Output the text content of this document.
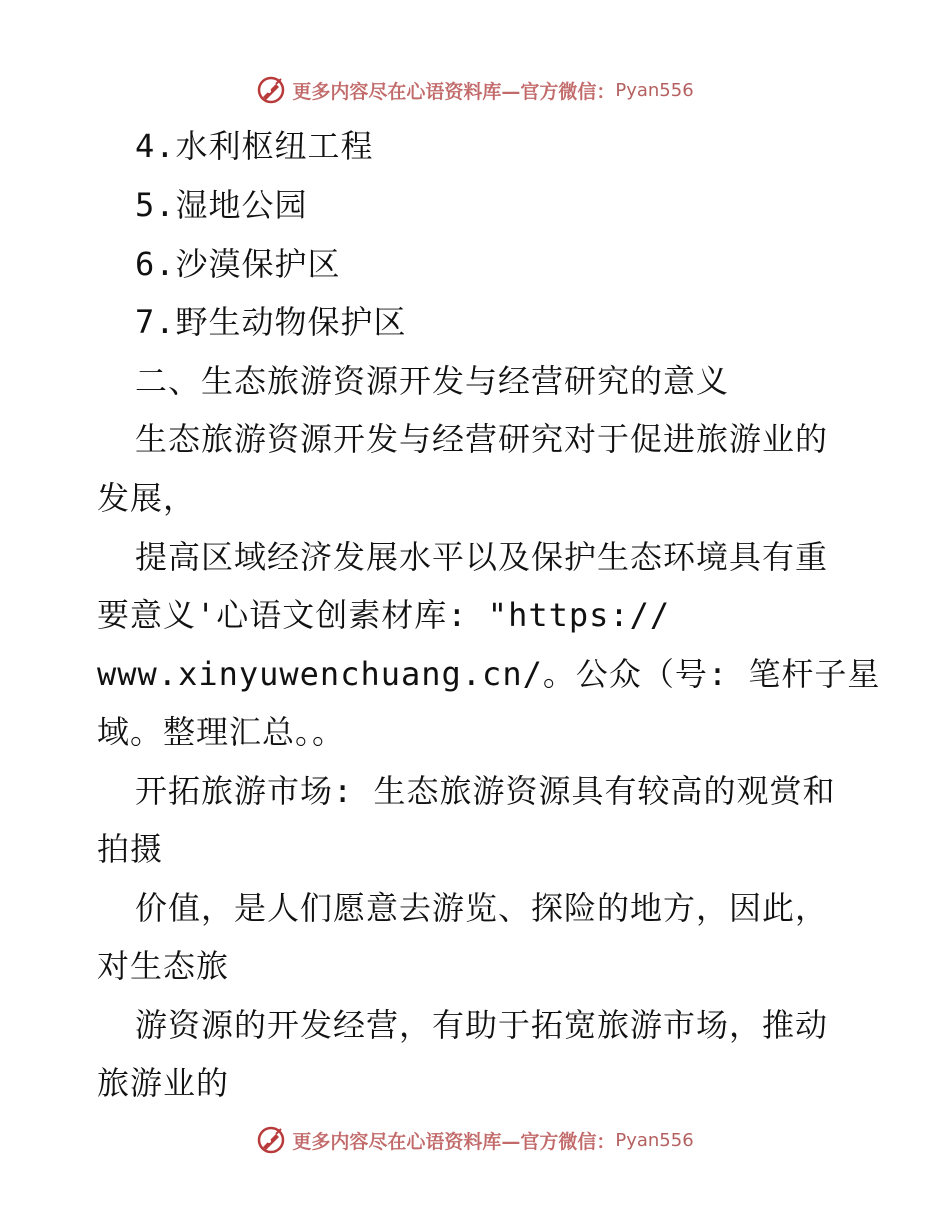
更多内容尽在心语资料库—官方微信： Pyan556
4.水利枢纽工程
5.湿地公园
6.沙漠保护区
7.野生动物保护区
二、生态旅游资源开发与经营研究的意义
生态旅游资源开发与经营研究对于促进旅游业的
发展，
提高区域经济发展水平以及保护生态环境具有重
要意义'心语文创素材库: "https://
www.xinyuwenchuang.cn/。公众（号: 笔杆子星
域。整理汇总。。
开拓旅游市场: 生态旅游资源具有较高的观赏和
拍摄
价值，是人们愿意去游览、探险的地方，因此，
对生态旅
游资源的开发经营，有助于拓宽旅游市场，推动
旅游业的
更多内容尽在心语资料库—官方微信： Pyan556
